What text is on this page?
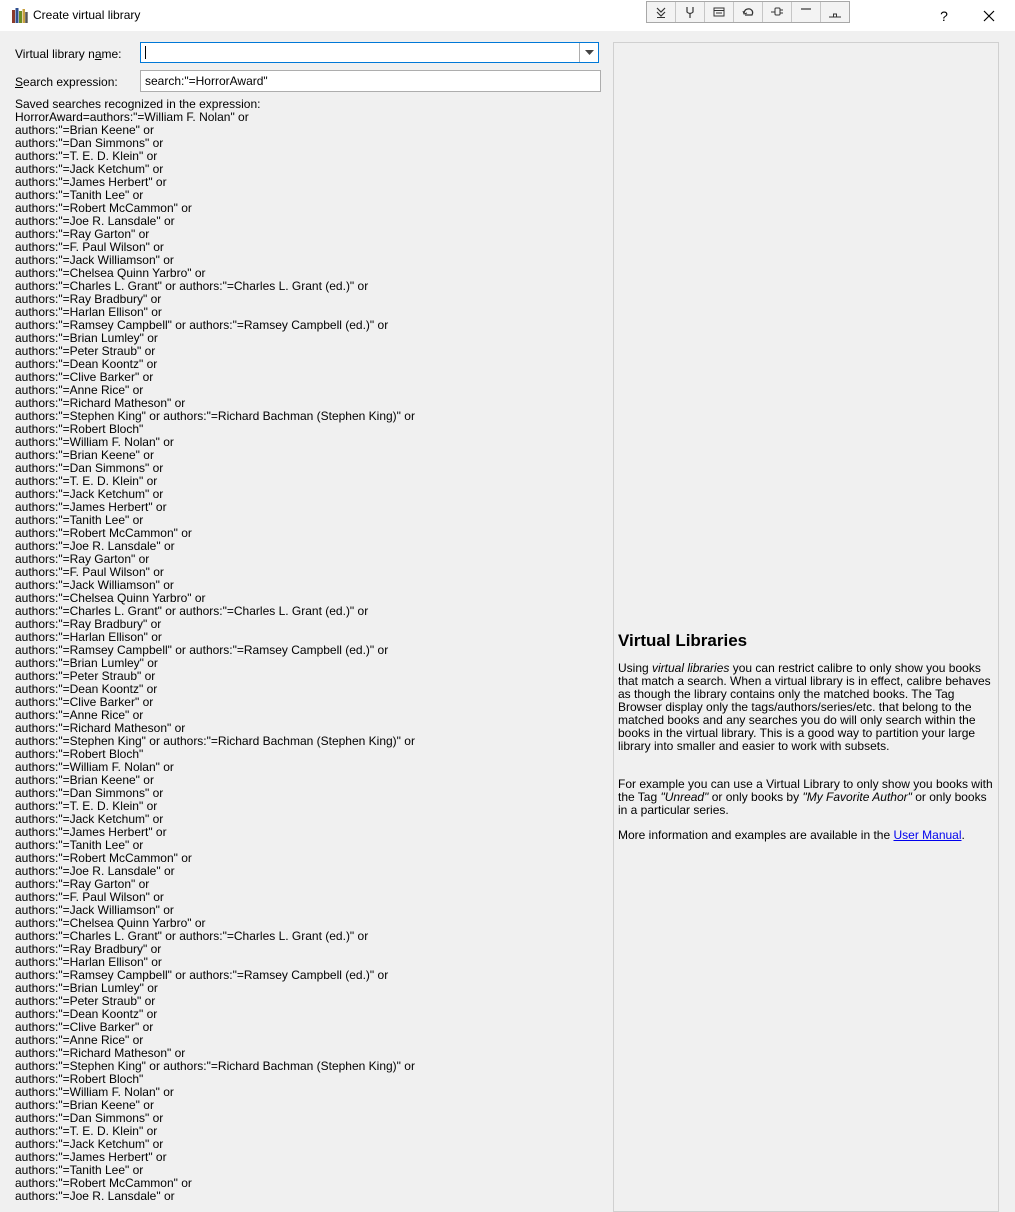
Create virtual library	?
Virtual library name:
Search expression:
search:"=HorrorAward"
Saved searches recognized in the expression:
HorrorAward=authors:"=William F. Nolan" or
authors:"=Brian Keene" or
authors:"=Dan Simmons" or
authors:"=T. E. D. Klein" or
authors:"=Jack Ketchum" or
authors:"=James Herbert" or
authors:"=Tanith Lee" or
authors:"=Robert McCammon" or
authors:"=Joe R. Lansdale" or
authors:"=Ray Garton" or
authors:"=F. Paul Wilson" or
authors:"=Jack Williamson" or
authors:"=Chelsea Quinn Yarbro" or
authors:"=Charles L. Grant" or authors:"=Charles L. Grant (ed.)" or
authors:"=Ray Bradbury" or
authors:"=Harlan Ellison" or
authors:"=Ramsey Campbell" or authors:"=Ramsey Campbell (ed.)" or
authors:"=Brian Lumley" or
authors:"=Peter Straub" or
authors:"=Dean Koontz" or
authors:"=Clive Barker" or
authors:"=Anne Rice" or
authors:"=Richard Matheson" or
authors:"=Stephen King" or authors:"=Richard Bachman (Stephen King)" or
authors:"=Robert Bloch"
authors:"=William F. Nolan" or
authors:"=Brian Keene" or
authors:"=Dan Simmons" or
authors:"=T. E. D. Klein" or
authors:"=Jack Ketchum" or
authors:"=James Herbert" or
authors:"=Tanith Lee" or
authors:"=Robert McCammon" or
authors:"=Joe R. Lansdale" or
authors:"=Ray Garton" or
authors:"=F. Paul Wilson" or
authors:"=Jack Williamson" or
authors:"=Chelsea Quinn Yarbro" or
authors:"=Charles L. Grant" or authors:"=Charles L. Grant (ed.)" or
authors:"=Ray Bradbury" or
authors:"=Harlan Ellison" or
authors:"=Ramsey Campbell" or authors:"=Ramsey Campbell (ed.)" or
authors:"=Brian Lumley" or
authors:"=Peter Straub" or
authors:"=Dean Koontz" or
authors:"=Clive Barker" or
authors:"=Anne Rice" or
authors:"=Richard Matheson" or
authors:"=Stephen King" or authors:"=Richard Bachman (Stephen King)" or
authors:"=Robert Bloch"
authors:"=William F. Nolan" or
authors:"=Brian Keene" or
authors:"=Dan Simmons" or
authors:"=T. E. D. Klein" or
authors:"=Jack Ketchum" or
authors:"=James Herbert" or
authors:"=Tanith Lee" or
authors:"=Robert McCammon" or
authors:"=Joe R. Lansdale" or
authors:"=Ray Garton" or
authors:"=F. Paul Wilson" or
authors:"=Jack Williamson" or
authors:"=Chelsea Quinn Yarbro" or
authors:"=Charles L. Grant" or authors:"=Charles L. Grant (ed.)" or
authors:"=Ray Bradbury" or
authors:"=Harlan Ellison" or
authors:"=Ramsey Campbell" or authors:"=Ramsey Campbell (ed.)" or
authors:"=Brian Lumley" or
authors:"=Peter Straub" or
authors:"=Dean Koontz" or
authors:"=Clive Barker" or
authors:"=Anne Rice" or
authors:"=Richard Matheson" or
authors:"=Stephen King" or authors:"=Richard Bachman (Stephen King)" or
authors:"=Robert Bloch"
authors:"=William F. Nolan" or
authors:"=Brian Keene" or
authors:"=Dan Simmons" or
authors:"=T. E. D. Klein" or
authors:"=Jack Ketchum" or
authors:"=James Herbert" or
authors:"=Tanith Lee" or
authors:"=Robert McCammon" or
authors:"=Joe R. Lansdale" or
Virtual Libraries

Using virtual libraries you can restrict calibre to only show you books that match a search. When a virtual library is in effect, calibre behaves as though the library contains only the matched books. The Tag Browser display only the tags/authors/series/etc. that belong to the matched books and any searches you do will only search within the books in the virtual library. This is a good way to partition your large library into smaller and easier to work with subsets.

For example you can use a Virtual Library to only show you books with the Tag "Unread" or only books by "My Favorite Author" or only books in a particular series.

More information and examples are available in the User Manual.
